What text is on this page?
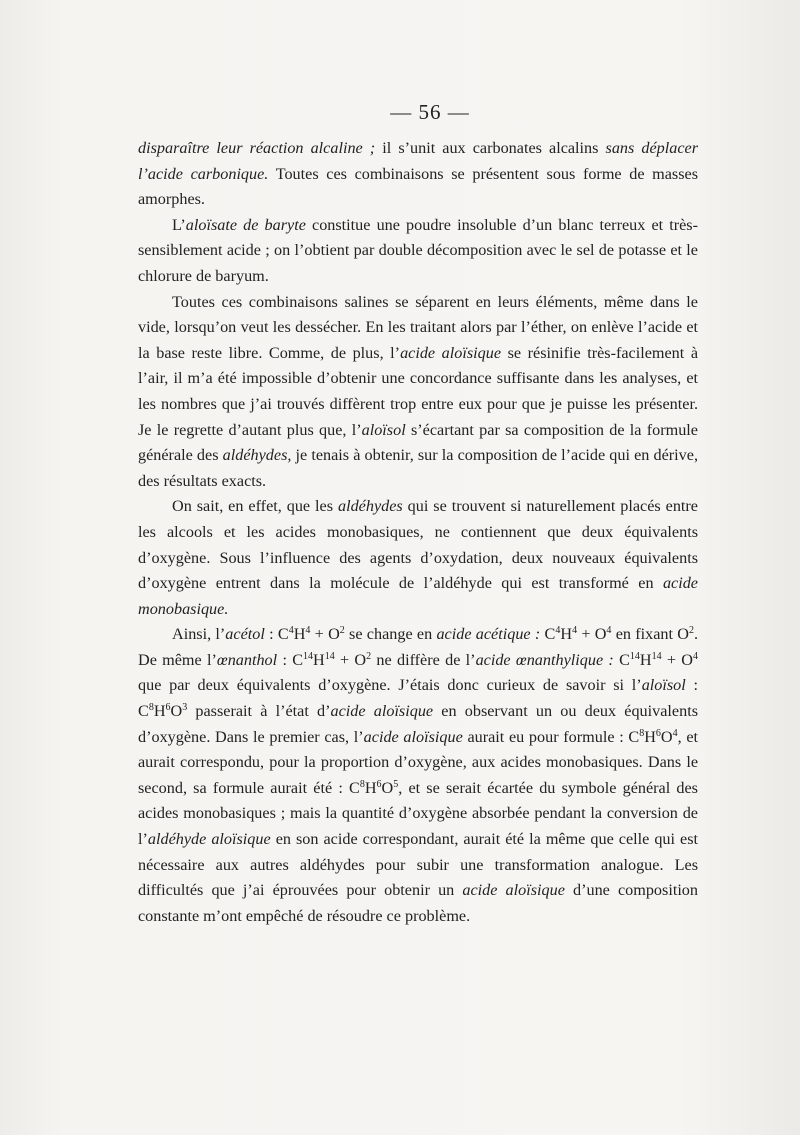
— 56 —

disparaître leur réaction alcaline ; il s’unit aux carbonates alcalins sans déplacer l’acide carbonique. Toutes ces combinaisons se présentent sous forme de masses amorphes.

L’aloïsate de baryte constitue une poudre insoluble d’un blanc terreux et très-sensiblement acide ; on l’obtient par double décomposition avec le sel de potasse et le chlorure de baryum.

Toutes ces combinaisons salines se séparent en leurs éléments, même dans le vide, lorsqu’on veut les dessécher. En les traitant alors par l’éther, on enlève l’acide et la base reste libre. Comme, de plus, l’acide aloïsique se résinifie très-facilement à l’air, il m’a été impossible d’obtenir une concordance suffisante dans les analyses, et les nombres que j’ai trouvés diffèrent trop entre eux pour que je puisse les présenter. Je le regrette d’autant plus que, l’aloïsol s’écartant par sa composition de la formule générale des aldéhydes, je tenais à obtenir, sur la composition de l’acide qui en dérive, des résultats exacts.

On sait, en effet, que les aldéhydes qui se trouvent si naturellement placés entre les alcools et les acides monobasiques, ne contiennent que deux équivalents d’oxygène. Sous l’influence des agents d’oxydation, deux nouveaux équivalents d’oxygène entrent dans la molécule de l’aldéhyde qui est transformé en acide monobasique.

Ainsi, l’acétol : $C^4H^4 + O^2$ se change en acide acétique : $C^4H^4 + O^4$ en fixant $O^2$. De même l’œnanthol : $C^{14}H^{14} + O^2$ ne diffère de l’acide œnanthylique : $C^{14}H^{14} + O^4$ que par deux équivalents d’oxygène. J’étais donc curieux de savoir si l’aloïsol : $C^8H^6O^3$ passerait à l’état d’acide aloïsique en observant un ou deux équivalents d’oxygène. Dans le premier cas, l’acide aloïsique aurait eu pour formule : $C^8H^6O^4$, et aurait correspondu, pour la proportion d’oxygène, aux acides monobasiques. Dans le second, sa formule aurait été : $C^8H^6O^5$, et se serait écartée du symbole général des acides monobasiques ; mais la quantité d’oxygène absorbée pendant la conversion de l’aldéhyde aloïsique en son acide correspondant, aurait été la même que celle qui est nécessaire aux autres aldéhydes pour subir une transformation analogue. Les difficultés que j’ai éprouvées pour obtenir un acide aloïsique d’une composition constante m’ont empêché de résoudre ce problème.
